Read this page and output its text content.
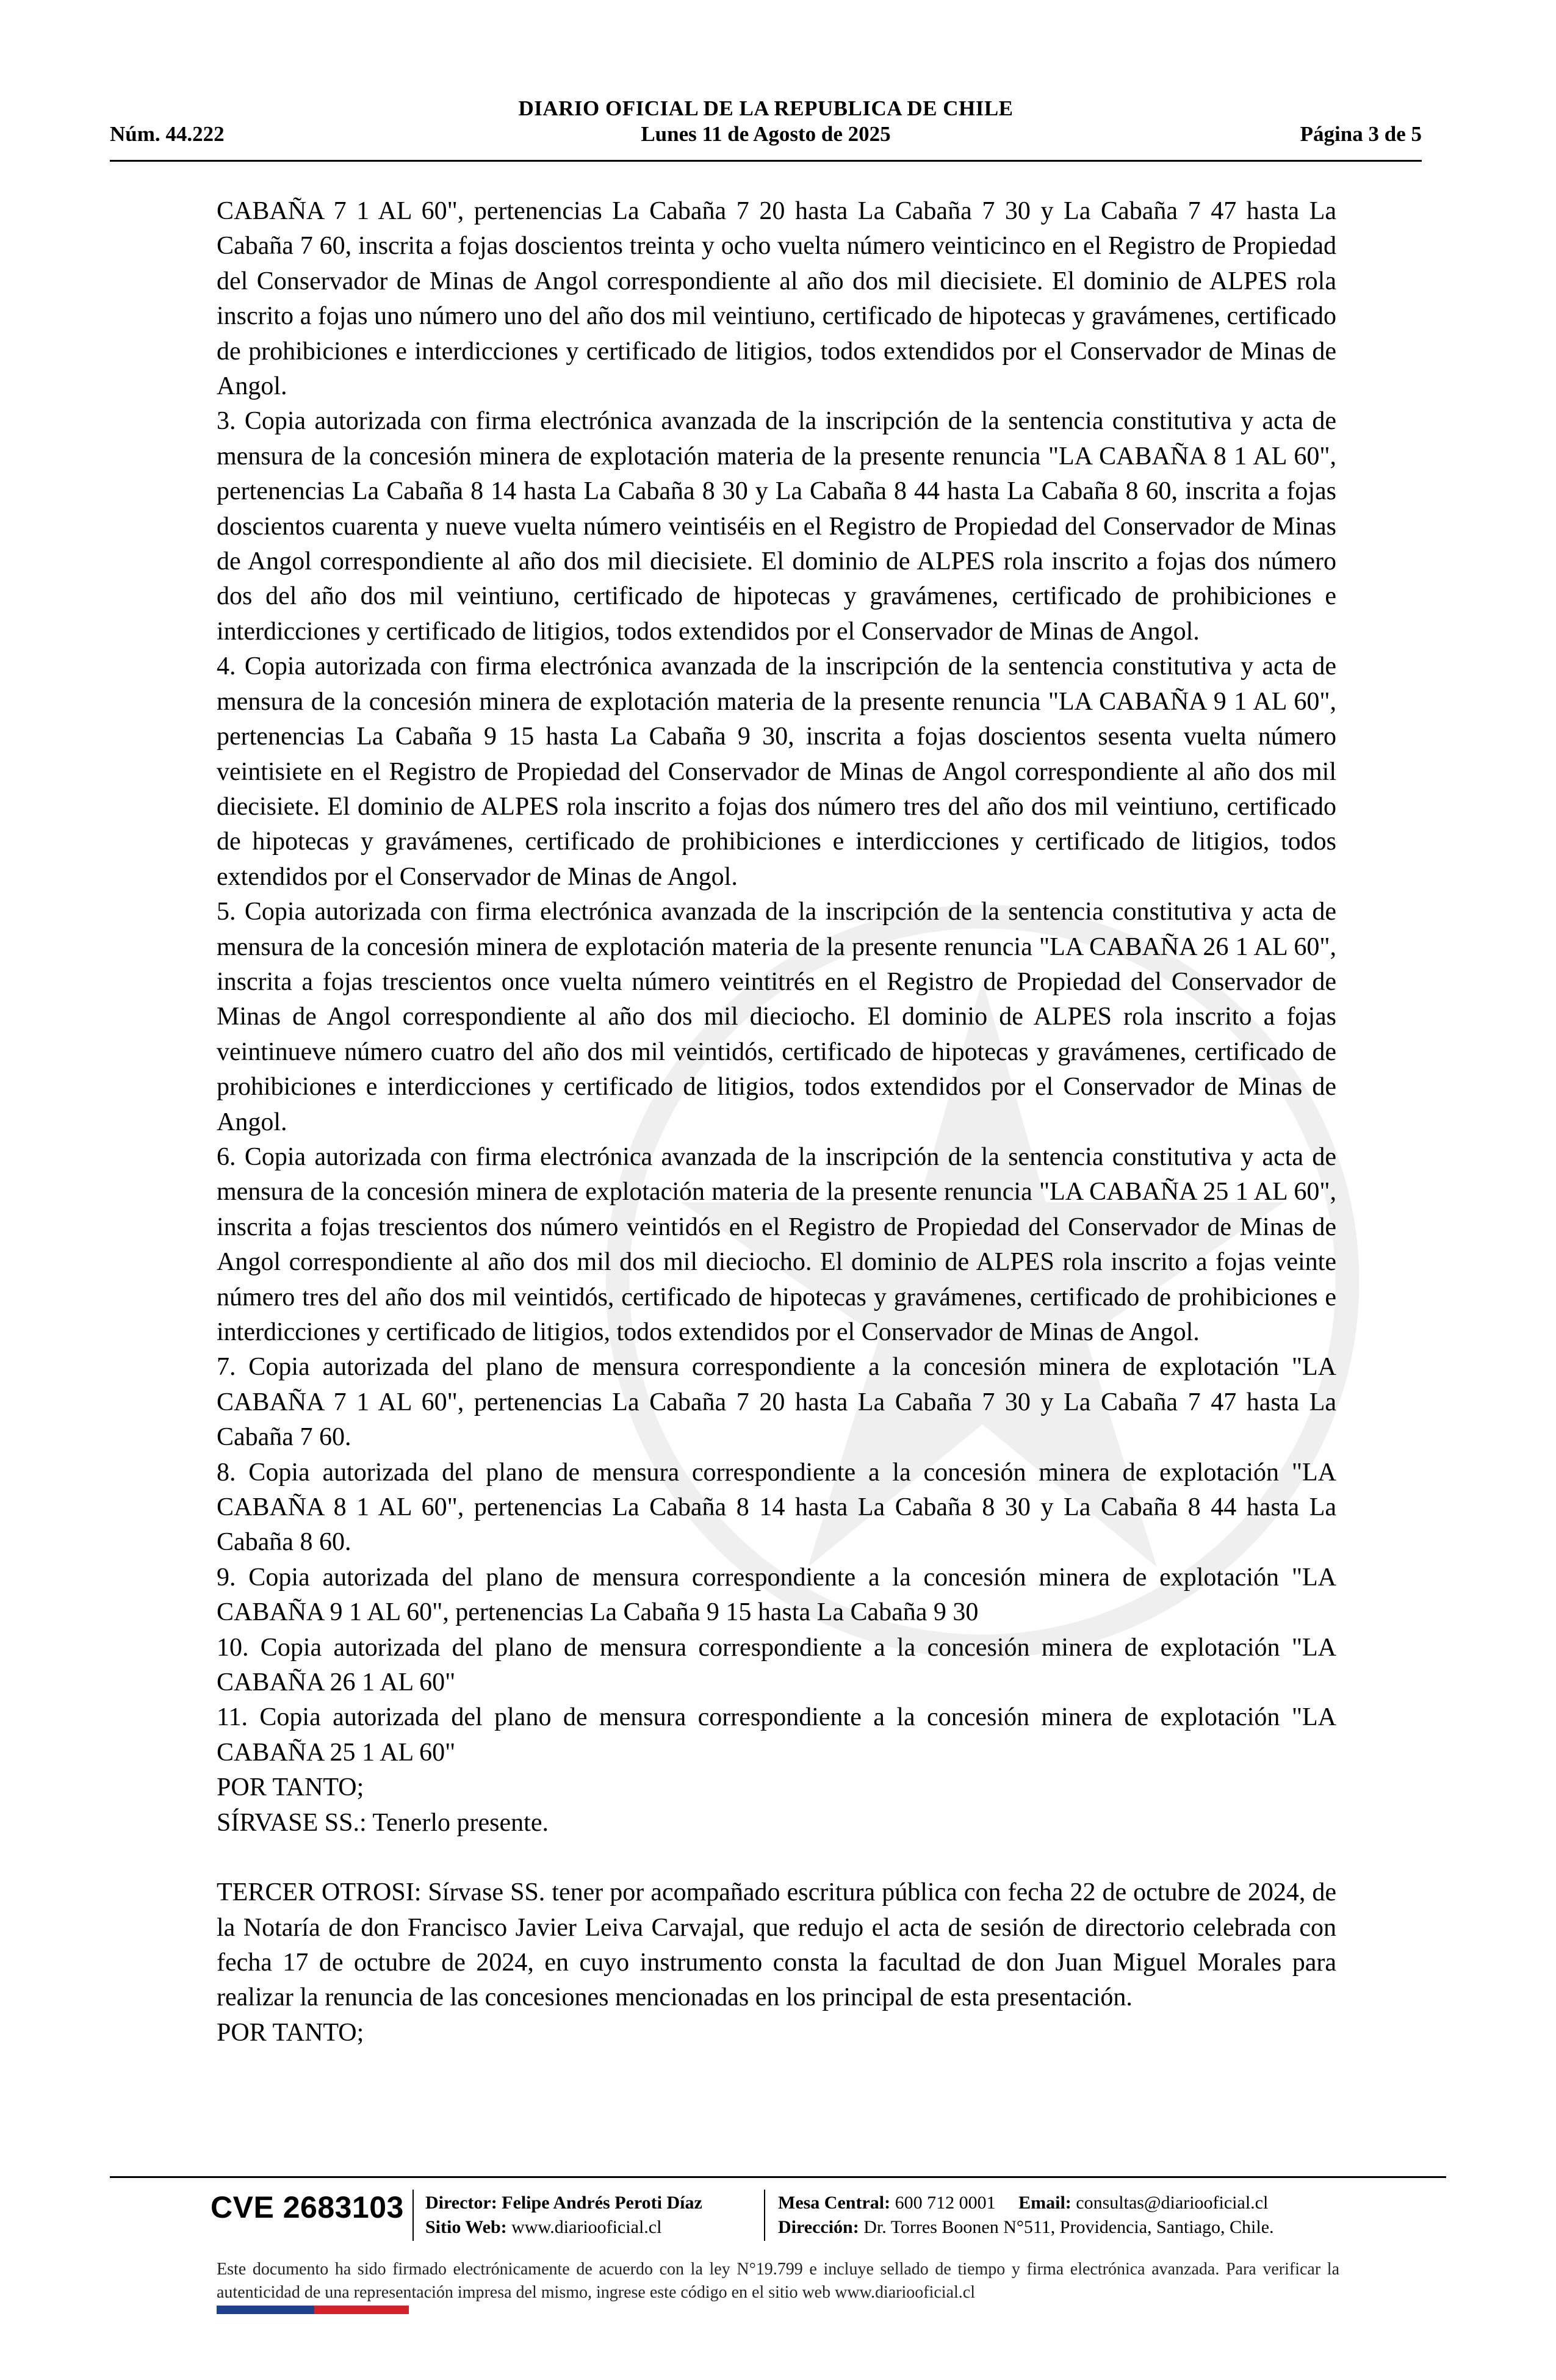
DIARIO OFICIAL DE LA REPUBLICA DE CHILE
Núm. 44.222	Lunes 11 de Agosto de 2025	Página 3 de 5

CABAÑA 7 1 AL 60", pertenencias La Cabaña 7 20 hasta La Cabaña 7 30 y La Cabaña 7 47 hasta La Cabaña 7 60, inscrita a fojas doscientos treinta y ocho vuelta número veinticinco en el Registro de Propiedad del Conservador de Minas de Angol correspondiente al año dos mil diecisiete. El dominio de ALPES rola inscrito a fojas uno número uno del año dos mil veintiuno, certificado de hipotecas y gravámenes, certificado de prohibiciones e interdicciones y certificado de litigios, todos extendidos por el Conservador de Minas de Angol.

3. Copia autorizada con firma electrónica avanzada de la inscripción de la sentencia constitutiva y acta de mensura de la concesión minera de explotación materia de la presente renuncia "LA CABAÑA 8 1 AL 60", pertenencias La Cabaña 8 14 hasta La Cabaña 8 30 y La Cabaña 8 44 hasta La Cabaña 8 60, inscrita a fojas doscientos cuarenta y nueve vuelta número veintiséis en el Registro de Propiedad del Conservador de Minas de Angol correspondiente al año dos mil diecisiete. El dominio de ALPES rola inscrito a fojas dos número dos del año dos mil veintiuno, certificado de hipotecas y gravámenes, certificado de prohibiciones e interdicciones y certificado de litigios, todos extendidos por el Conservador de Minas de Angol.

4. Copia autorizada con firma electrónica avanzada de la inscripción de la sentencia constitutiva y acta de mensura de la concesión minera de explotación materia de la presente renuncia "LA CABAÑA 9 1 AL 60", pertenencias La Cabaña 9 15 hasta La Cabaña 9 30, inscrita a fojas doscientos sesenta vuelta número veintisiete en el Registro de Propiedad del Conservador de Minas de Angol correspondiente al año dos mil diecisiete. El dominio de ALPES rola inscrito a fojas dos número tres del año dos mil veintiuno, certificado de hipotecas y gravámenes, certificado de prohibiciones e interdicciones y certificado de litigios, todos extendidos por el Conservador de Minas de Angol.

5. Copia autorizada con firma electrónica avanzada de la inscripción de la sentencia constitutiva y acta de mensura de la concesión minera de explotación materia de la presente renuncia "LA CABAÑA 26 1 AL 60", inscrita a fojas trescientos once vuelta número veintitrés en el Registro de Propiedad del Conservador de Minas de Angol correspondiente al año dos mil dieciocho. El dominio de ALPES rola inscrito a fojas veintinueve número cuatro del año dos mil veintidós, certificado de hipotecas y gravámenes, certificado de prohibiciones e interdicciones y certificado de litigios, todos extendidos por el Conservador de Minas de Angol.

6. Copia autorizada con firma electrónica avanzada de la inscripción de la sentencia constitutiva y acta de mensura de la concesión minera de explotación materia de la presente renuncia "LA CABAÑA 25 1 AL 60", inscrita a fojas trescientos dos número veintidós en el Registro de Propiedad del Conservador de Minas de Angol correspondiente al año dos mil dos mil dieciocho. El dominio de ALPES rola inscrito a fojas veinte número tres del año dos mil veintidós, certificado de hipotecas y gravámenes, certificado de prohibiciones e interdicciones y certificado de litigios, todos extendidos por el Conservador de Minas de Angol.

7. Copia autorizada del plano de mensura correspondiente a la concesión minera de explotación "LA CABAÑA 7 1 AL 60", pertenencias La Cabaña 7 20 hasta La Cabaña 7 30 y La Cabaña 7 47 hasta La Cabaña 7 60.

8. Copia autorizada del plano de mensura correspondiente a la concesión minera de explotación "LA CABAÑA 8 1 AL 60", pertenencias La Cabaña 8 14 hasta La Cabaña 8 30 y La Cabaña 8 44 hasta La Cabaña 8 60.

9. Copia autorizada del plano de mensura correspondiente a la concesión minera de explotación "LA CABAÑA 9 1 AL 60", pertenencias La Cabaña 9 15 hasta La Cabaña 9 30

10. Copia autorizada del plano de mensura correspondiente a la concesión minera de explotación "LA CABAÑA 26 1 AL 60"

11. Copia autorizada del plano de mensura correspondiente a la concesión minera de explotación "LA CABAÑA 25 1 AL 60"

POR TANTO;

SÍRVASE SS.: Tenerlo presente.

TERCER OTROSI: Sírvase SS. tener por acompañado escritura pública con fecha 22 de octubre de 2024, de la Notaría de don Francisco Javier Leiva Carvajal, que redujo el acta de sesión de directorio celebrada con fecha 17 de octubre de 2024, en cuyo instrumento consta la facultad de don Juan Miguel Morales para realizar la renuncia de las concesiones mencionadas en los principal de esta presentación.

POR TANTO;

CVE 2683103 Director: Felipe Andrés Peroti Díaz
Sitio Web: www.diariooficial.cl
Mesa Central: 600 712 0001 Email: consultas@diariooficial.cl
Dirección: Dr. Torres Boonen N°511, Providencia, Santiago, Chile.
Este documento ha sido firmado electrónicamente de acuerdo con la ley N°19.799 e incluye sellado de tiempo y firma electrónica avanzada. Para verificar la autenticidad de una representación impresa del mismo, ingrese este código en el sitio web www.diariooficial.cl
